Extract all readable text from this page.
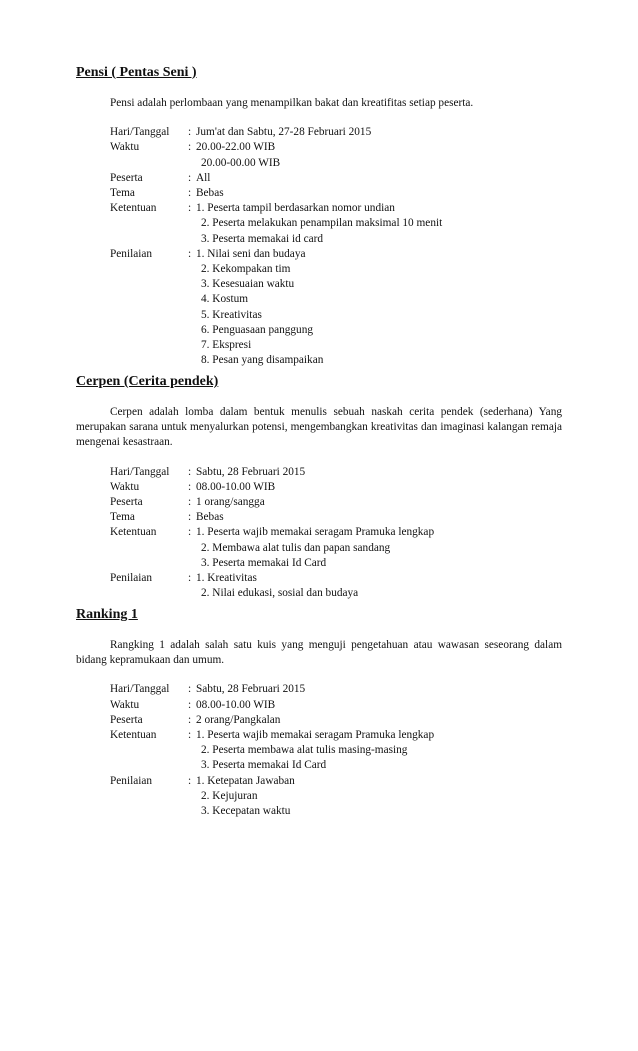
Pensi ( Pentas Seni )

Pensi adalah perlombaan yang menampilkan bakat dan kreatifitas setiap peserta.

Hari/Tanggal	: Jum'at dan Sabtu, 27-28 Februari 2015
Waktu	: 20.00-22.00 WIB
20.00-00.00 WIB
Peserta	: All
Tema	: Bebas
Ketentuan	: 1. Peserta tampil berdasarkan nomor undian
2. Peserta melakukan penampilan maksimal 10 menit
3. Peserta memakai id card
Penilaian	: 1. Nilai seni dan budaya
2. Kekompakan tim
3. Kesesuaian waktu
4. Kostum
5. Kreativitas
6. Penguasaan panggung
7. Ekspresi
8. Pesan yang disampaikan

Cerpen (Cerita pendek)

Cerpen adalah lomba dalam bentuk menulis sebuah naskah cerita pendek (sederhana) Yang merupakan sarana untuk menyalurkan potensi, mengembangkan kreativitas dan imaginasi kalangan remaja mengenai kesastraan.

Hari/Tanggal	: Sabtu, 28 Februari 2015
Waktu	: 08.00-10.00 WIB
Peserta	: 1 orang/sangga
Tema	: Bebas
Ketentuan	: 1. Peserta wajib memakai seragam Pramuka lengkap
2. Membawa alat tulis dan papan sandang
3. Peserta memakai Id Card
Penilaian	: 1. Kreativitas
2. Nilai edukasi, sosial dan budaya

Ranking 1

Rangking 1 adalah salah satu kuis yang menguji pengetahuan atau wawasan seseorang dalam bidang kepramukaan dan umum.

Hari/Tanggal	: Sabtu, 28 Februari 2015
Waktu	: 08.00-10.00 WIB
Peserta	: 2 orang/Pangkalan
Ketentuan	: 1. Peserta wajib memakai seragam Pramuka lengkap
2. Peserta membawa alat tulis masing-masing
3. Peserta memakai Id Card
Penilaian	: 1. Ketepatan Jawaban
2. Kejujuran
3. Kecepatan waktu
